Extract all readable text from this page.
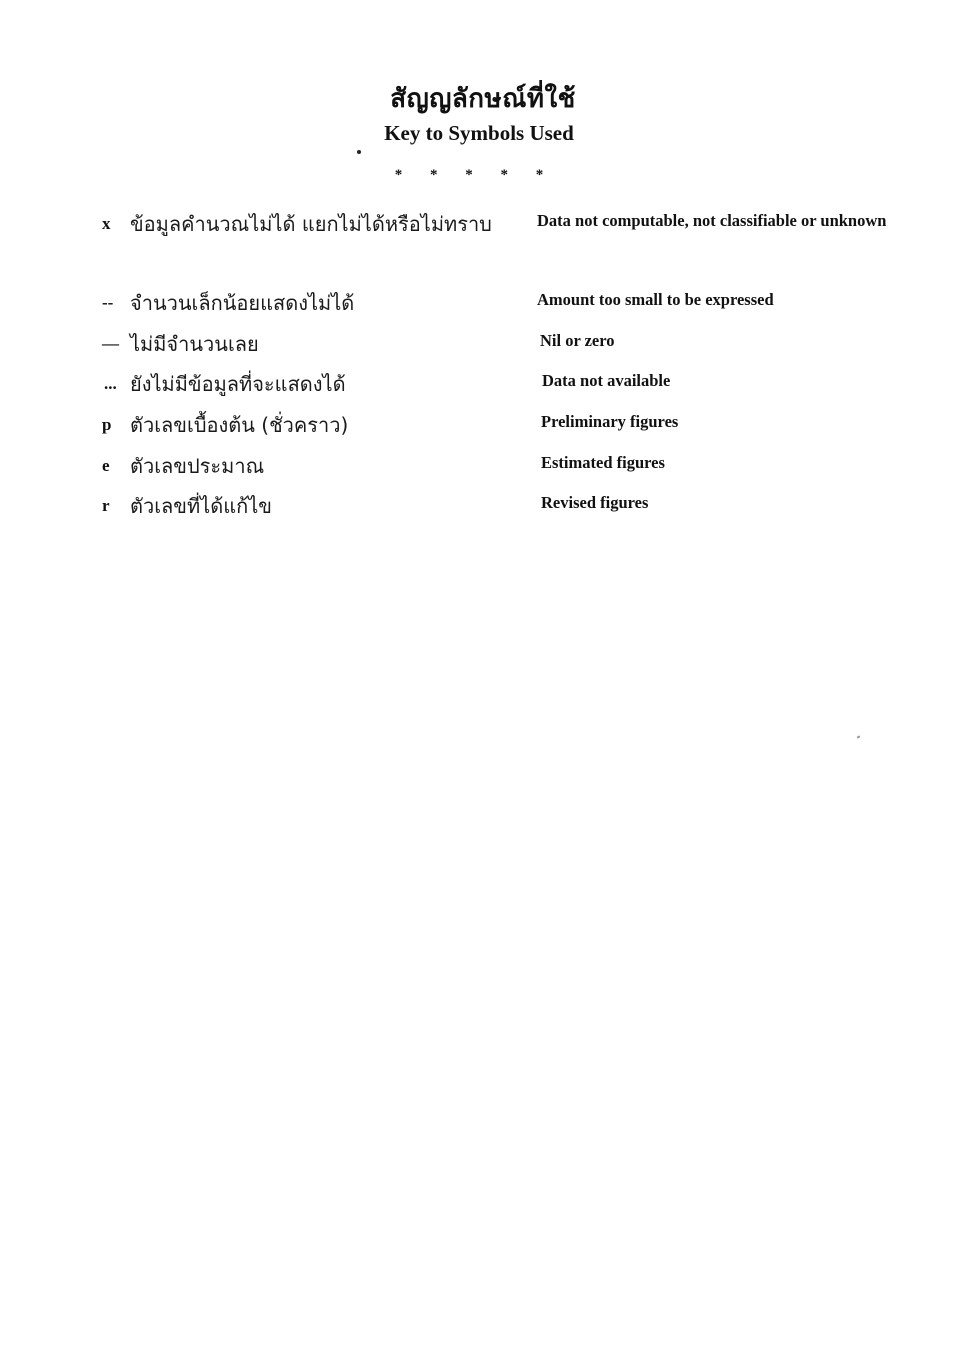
สัญญลักษณ์ที่ใช้
Key to Symbols Used
* * * * *
x ข้อมูลคำนวณไม่ได้ แยกไม่ได้หรือไม่ทราบ	Data not computable, not classifiable or unknown
-- จำนวนเล็กน้อยแสดงไม่ได้	Amount too small to be expressed
— ไม่มีจำนวนเลย	Nil or zero
... ยังไม่มีข้อมูลที่จะแสดงได้	Data not available
p ตัวเลขเบื้องต้น (ชั่วคราว)	Preliminary figures
e	ตัวเลขประมาณ	Estimated figures
r	ตัวเลขที่ได้แก้ไข	Revised figures
